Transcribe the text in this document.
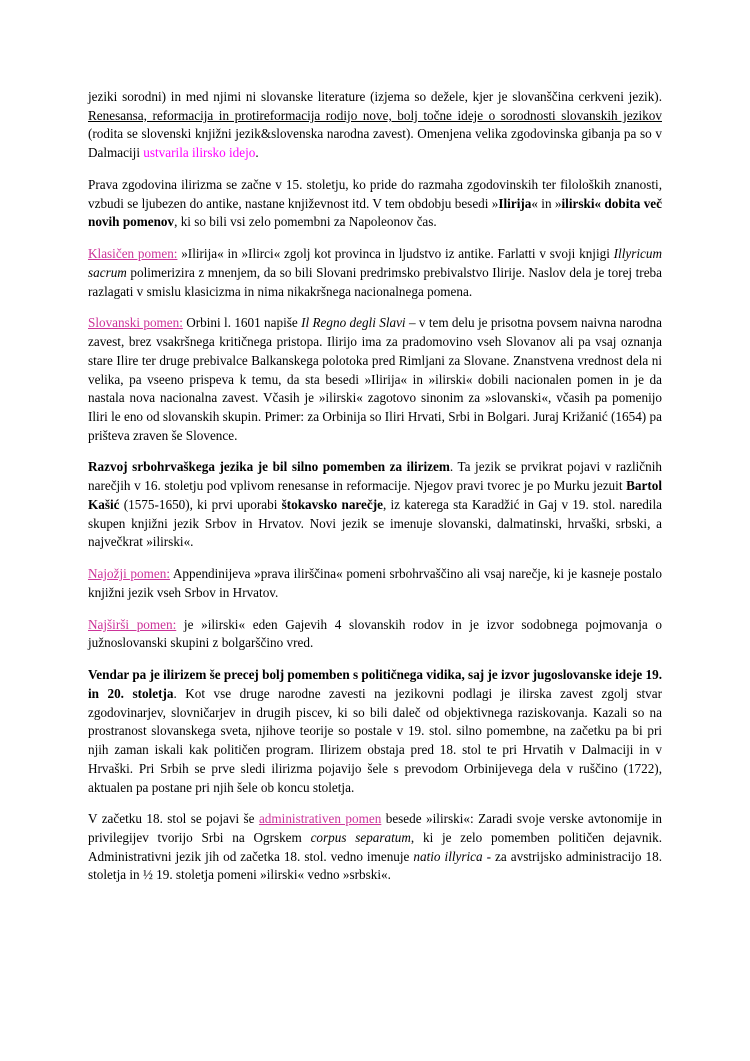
jeziki sorodni) in med njimi ni slovanske literature (izjema so dežele, kjer je slovanščina cerkveni jezik). Renesansa, reformacija in protireformacija rodijo nove, bolj točne ideje o sorodnosti slovanskih jezikov (rodita se slovenski knjižni jezik&slovenska narodna zavest). Omenjena velika zgodovinska gibanja pa so v Dalmaciji ustvarila ilirsko idejo.

Prava zgodovina ilirizma se začne v 15. stoletju, ko pride do razmaha zgodovinskih ter filoloških znanosti, vzbudi se ljubezen do antike, nastane književnost itd. V tem obdobju besedi »Ilirija« in »ilirski« dobita več novih pomenov, ki so bili vsi zelo pomembni za Napoleonov čas.

Klasičen pomen: »Ilirija« in »Ilirci« zgolj kot provinca in ljudstvo iz antike. Farlatti v svoji knjigi Illyricum sacrum polimerizira z mnenjem, da so bili Slovani predrimsko prebivalstvo Ilirije. Naslov dela je torej treba razlagati v smislu klasicizma in nima nikakršnega nacionalnega pomena.

Slovanski pomen: Orbini l. 1601 napiše Il Regno degli Slavi – v tem delu je prisotna povsem naivna narodna zavest, brez vsakršnega kritičnega pristopa. Ilirijo ima za pradomovino vseh Slovanov ali pa vsaj oznanja stare Ilire ter druge prebivalce Balkanskega polotoka pred Rimljani za Slovane. Znanstvena vrednost dela ni velika, pa vseeno prispeva k temu, da sta besedi »Ilirija« in »ilirski« dobili nacionalen pomen in je da nastala nova nacionalna zavest. Včasih je »ilirski« zagotovo sinonim za »slovanski«, včasih pa pomenijo Iliri le eno od slovanskih skupin. Primer: za Orbinija so Iliri Hrvati, Srbi in Bolgari. Juraj Križanić (1654) pa prišteva zraven še Slovence.

Razvoj srbohrvaškega jezika je bil silno pomemben za ilirizem. Ta jezik se prvikrat pojavi v različnih narečjih v 16. stoletju pod vplivom renesanse in reformacije. Njegov pravi tvorec je po Murku jezuit Bartol Kašić (1575-1650), ki prvi uporabi štokavsko narečje, iz katerega sta Karadžić in Gaj v 19. stol. naredila skupen knjižni jezik Srbov in Hrvatov. Novi jezik se imenuje slovanski, dalmatinski, hrvaški, srbski, a največkrat »ilirski«.

Najožji pomen: Appendinijeva »prava ilirščina« pomeni srbohrvaščino ali vsaj narečje, ki je kasneje postalo knjižni jezik vseh Srbov in Hrvatov.

Najširši pomen: je »ilirski« eden Gajevih 4 slovanskih rodov in je izvor sodobnega pojmovanja o južnoslovanski skupini z bolgarščino vred.

Vendar pa je ilirizem še precej bolj pomemben s političnega vidika, saj je izvor jugoslovanske ideje 19. in 20. stoletja. Kot vse druge narodne zavesti na jezikovni podlagi je ilirska zavest zgolj stvar zgodovinarjev, slovničarjev in drugih piscev, ki so bili daleč od objektivnega raziskovanja. Kazali so na prostranost slovanskega sveta, njihove teorije so postale v 19. stol. silno pomembne, na začetku pa bi pri njih zaman iskali kak političen program. Ilirizem obstaja pred 18. stol te pri Hrvatih v Dalmaciji in v Hrvaški. Pri Srbih se prve sledi ilirizma pojavijo šele s prevodom Orbinijevega dela v ruščino (1722), aktualen pa postane pri njih šele ob koncu stoletja.

V začetku 18. stol se pojavi še administrativen pomen besede »ilirski«: Zaradi svoje verske avtonomije in privilegijev tvorijo Srbi na Ogrskem corpus separatum, ki je zelo pomemben političen dejavnik. Administrativni jezik jih od začetka 18. stol. vedno imenuje natio illyrica - za avstrijsko administracijo 18. stoletja in ½ 19. stoletja pomeni »ilirski« vedno »srbski«.
